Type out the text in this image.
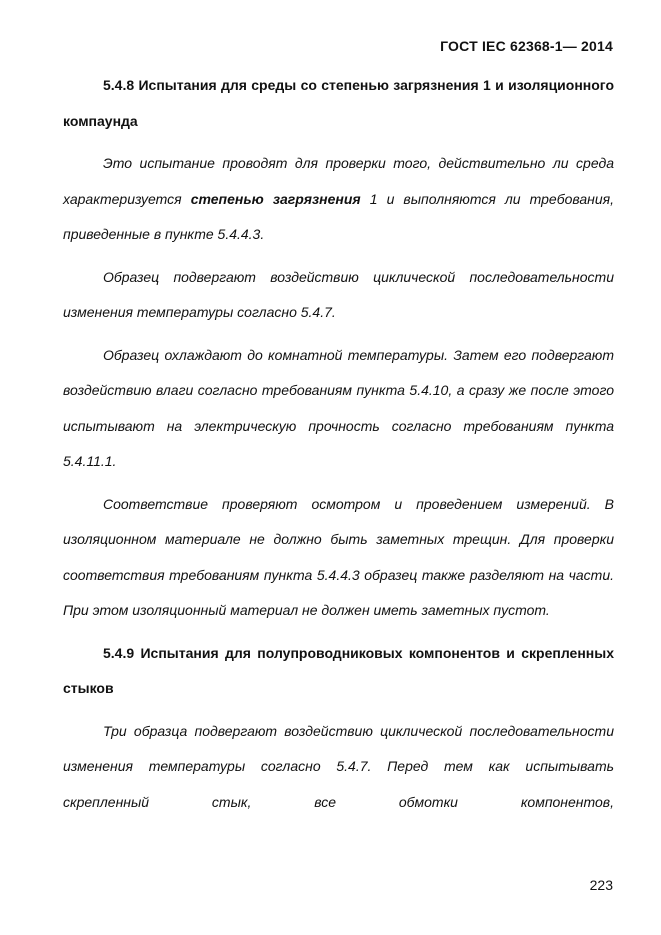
ГОСТ IEC 62368-1— 2014

5.4.8 Испытания для среды со степенью загрязнения 1 и изоляционного компаунда

Это испытание проводят для проверки того, действительно ли среда характеризуется степенью загрязнения 1 и выполняются ли требования, приведенные в пункте 5.4.4.3.

Образец подвергают воздействию циклической последовательности изменения температуры согласно 5.4.7.

Образец охлаждают до комнатной температуры. Затем его подвергают воздействию влаги согласно требованиям пункта 5.4.10, а сразу же после этого испытывают на электрическую прочность согласно требованиям пункта 5.4.11.1.

Соответствие проверяют осмотром и проведением измерений. В изоляционном материале не должно быть заметных трещин. Для проверки соответствия требованиям пункта 5.4.4.3 образец также разделяют на части. При этом изоляционный материал не должен иметь заметных пустот.

5.4.9 Испытания для полупроводниковых компонентов и скрепленных стыков

Три образца подвергают воздействию циклической последовательности изменения температуры согласно 5.4.7. Перед тем как испытывать скрепленный стык, все обмотки компонентов,

223
